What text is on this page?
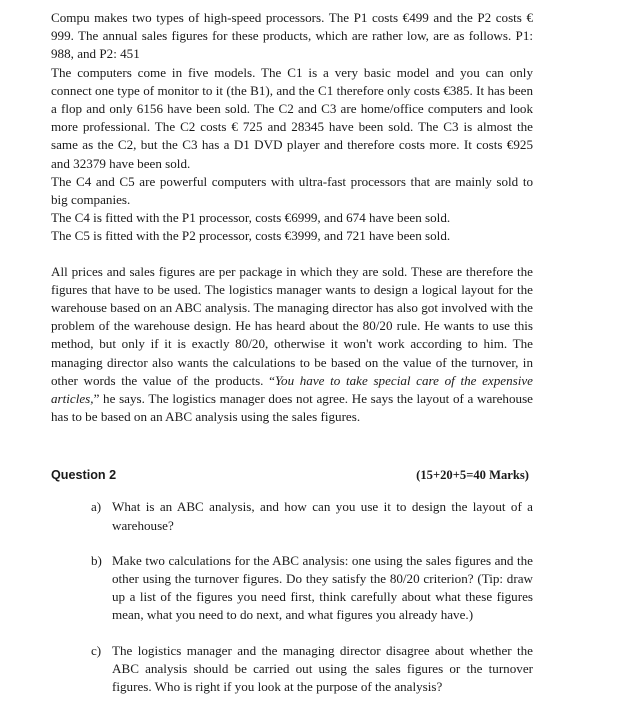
Compu makes two types of high-speed processors. The P1 costs €499 and the P2 costs € 999. The annual sales figures for these products, which are rather low, are as follows. P1: 988, and P2: 451

The computers come in five models. The C1 is a very basic model and you can only connect one type of monitor to it (the B1), and the C1 therefore only costs €385. It has been a flop and only 6156 have been sold. The C2 and C3 are home/office computers and look more professional. The C2 costs € 725 and 28345 have been sold. The C3 is almost the same as the C2, but the C3 has a D1 DVD player and therefore costs more. It costs €925 and 32379 have been sold.

The C4 and C5 are powerful computers with ultra-fast processors that are mainly sold to big companies.

The C4 is fitted with the P1 processor, costs €6999, and 674 have been sold.

The C5 is fitted with the P2 processor, costs €3999, and 721 have been sold.

All prices and sales figures are per package in which they are sold. These are therefore the figures that have to be used. The logistics manager wants to design a logical layout for the warehouse based on an ABC analysis. The managing director has also got involved with the problem of the warehouse design. He has heard about the 80/20 rule. He wants to use this method, but only if it is exactly 80/20, otherwise it won't work according to him. The managing director also wants the calculations to be based on the value of the turnover, in other words the value of the products. “You have to take special care of the expensive articles,” he says. The logistics manager does not agree. He says the layout of a warehouse has to be based on an ABC analysis using the sales figures.

Question 2	(15+20+5=40 Marks)
a) What is an ABC analysis, and how can you use it to design the layout of a warehouse?
b) Make two calculations for the ABC analysis: one using the sales figures and the other using the turnover figures. Do they satisfy the 80/20 criterion? (Tip: draw up a list of the figures you need first, think carefully about what these figures mean, what you need to do next, and what figures you already have.)
c) The logistics manager and the managing director disagree about whether the ABC analysis should be carried out using the sales figures or the turnover figures. Who is right if you look at the purpose of the analysis?
